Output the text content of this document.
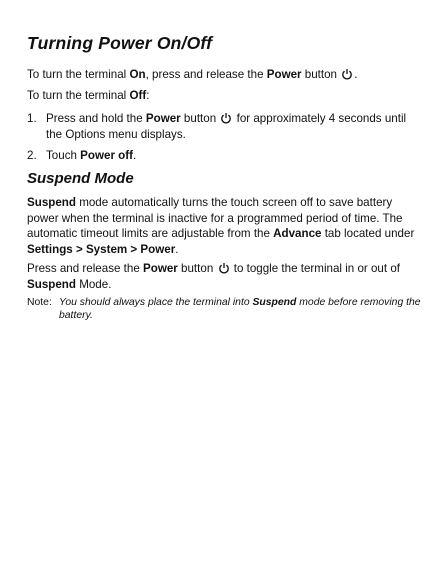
Turning Power On/Off
To turn the terminal On, press and release the Power button
.
To turn the terminal Off:
1. Press and hold the Power button
for approximately 4 seconds until the Options menu displays.
2. Touch Power off.
Suspend Mode
Suspend mode automatically turns the touch screen off to save battery power when the terminal is inactive for a programmed period of time. The automatic timeout limits are adjustable from the Advance tab located under Settings > System > Power.
Press and release the Power button
to toggle the terminal in or out of Suspend Mode.
Note: You should always place the terminal into Suspend mode before removing the battery.
